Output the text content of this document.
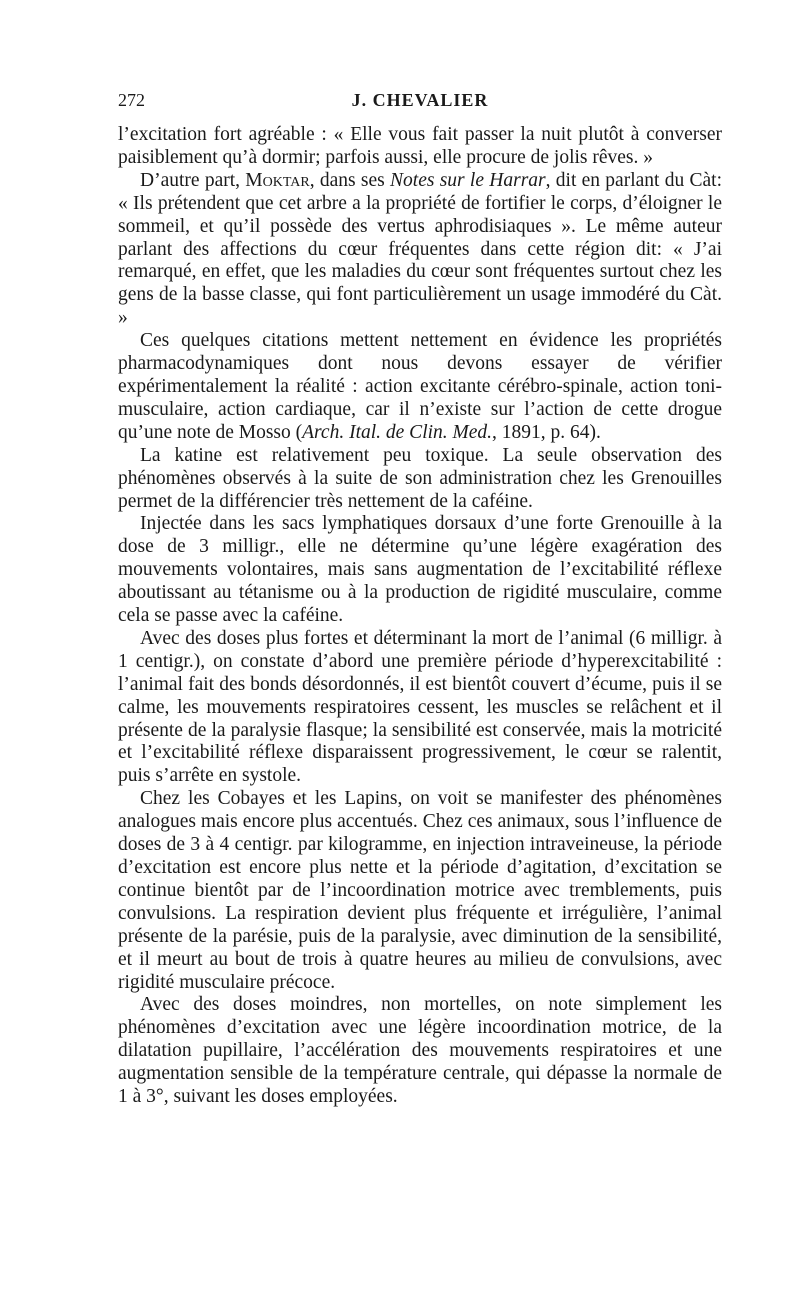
272	J. CHEVALIER

l’excitation fort agréable : « Elle vous fait passer la nuit plutôt à converser paisiblement qu’à dormir; parfois aussi, elle procure de jolis rêves. »

D’autre part, Moktar, dans ses Notes sur le Harrar, dit en parlant du Càt: « Ils prétendent que cet arbre a la propriété de fortifier le corps, d’éloigner le sommeil, et qu’il possède des vertus aphrodisiaques ». Le même auteur parlant des affections du cœur fréquentes dans cette région dit: « J’ai remarqué, en effet, que les maladies du cœur sont fréquentes surtout chez les gens de la basse classe, qui font particulièrement un usage immodéré du Càt. »

Ces quelques citations mettent nettement en évidence les propriétés pharmacodynamiques dont nous devons essayer de vérifier expérimentalement la réalité : action excitante cérébro-spinale, action toni-musculaire, action cardiaque, car il n’existe sur l’action de cette drogue qu’une note de Mosso (Arch. Ital. de Clin. Med., 1891, p. 64).

La katine est relativement peu toxique. La seule observation des phénomènes observés à la suite de son administration chez les Grenouilles permet de la différencier très nettement de la caféine.

Injectée dans les sacs lymphatiques dorsaux d’une forte Grenouille à la dose de 3 milligr., elle ne détermine qu’une légère exagération des mouvements volontaires, mais sans augmentation de l’excitabilité réflexe aboutissant au tétanisme ou à la production de rigidité musculaire, comme cela se passe avec la caféine.

Avec des doses plus fortes et déterminant la mort de l’animal (6 milligr. à 1 centigr.), on constate d’abord une première période d’hyperexcitabilité : l’animal fait des bonds désordonnés, il est bientôt couvert d’écume, puis il se calme, les mouvements respiratoires cessent, les muscles se relâchent et il présente de la paralysie flasque; la sensibilité est conservée, mais la motricité et l’excitabilité réflexe disparaissent progressivement, le cœur se ralentit, puis s’arrête en systole.

Chez les Cobayes et les Lapins, on voit se manifester des phénomènes analogues mais encore plus accentués. Chez ces animaux, sous l’influence de doses de 3 à 4 centigr. par kilogramme, en injection intraveineuse, la période d’excitation est encore plus nette et la période d’agitation, d’excitation se continue bientôt par de l’incoordination motrice avec tremblements, puis convulsions. La respiration devient plus fréquente et irrégulière, l’animal présente de la parésie, puis de la paralysie, avec diminution de la sensibilité, et il meurt au bout de trois à quatre heures au milieu de convulsions, avec rigidité musculaire précoce.

Avec des doses moindres, non mortelles, on note simplement les phénomènes d’excitation avec une légère incoordination motrice, de la dilatation pupillaire, l’accélération des mouvements respiratoires et une augmentation sensible de la température centrale, qui dépasse la normale de 1 à 3°, suivant les doses employées.
